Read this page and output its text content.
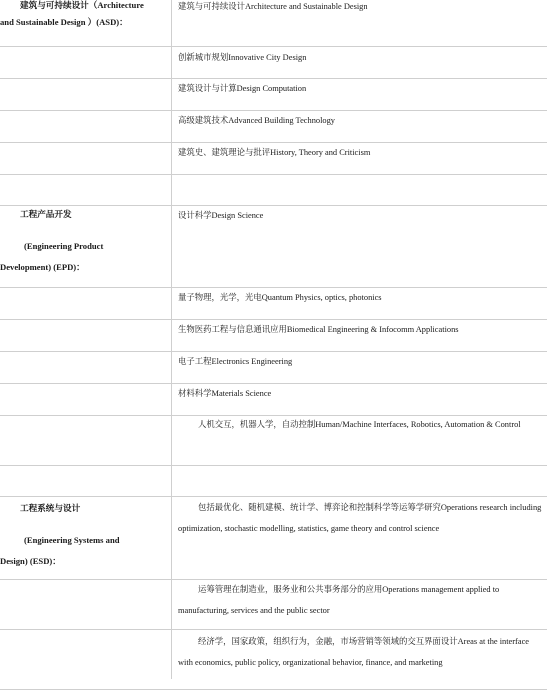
建筑与可持续设计（Architecture

and Sustainable Design ）(ASD)：

建筑与可持续设计Architecture and Sustainable Design
创新城市规划Innovative City Design
建筑设计与计算Design Computation
高级建筑技术Advanced Building Technology
建筑史、建筑理论与批评History, Theory and Criticism

工程产品开发

(Engineering Product

Development) (EPD)：

设计科学Design Science
量子物理，光学，光电Quantum Physics, optics, photonics
生物医药工程与信息通讯应用Biomedical Engineering & Infocomm Applications
电子工程Electronics Engineering
材料科学Materials Science
人机交互，机器人学，自动控制Human/Machine Interfaces, Robotics, Automation & Control

工程系统与设计

(Engineering Systems and

Design) (ESD)：

包括最优化、随机建模、统计学、博弈论和控制科学等运筹学研究Operations research including optimization, stochastic modelling, statistics, game theory and control science
运筹管理在制造业，服务业和公共事务部分的应用Operations management applied to manufacturing, services and the public sector
经济学，国家政策，组织行为，金融，市场营销等领域的交互界面设计Areas at the interface with economics, public policy, organizational behavior, finance, and marketing
